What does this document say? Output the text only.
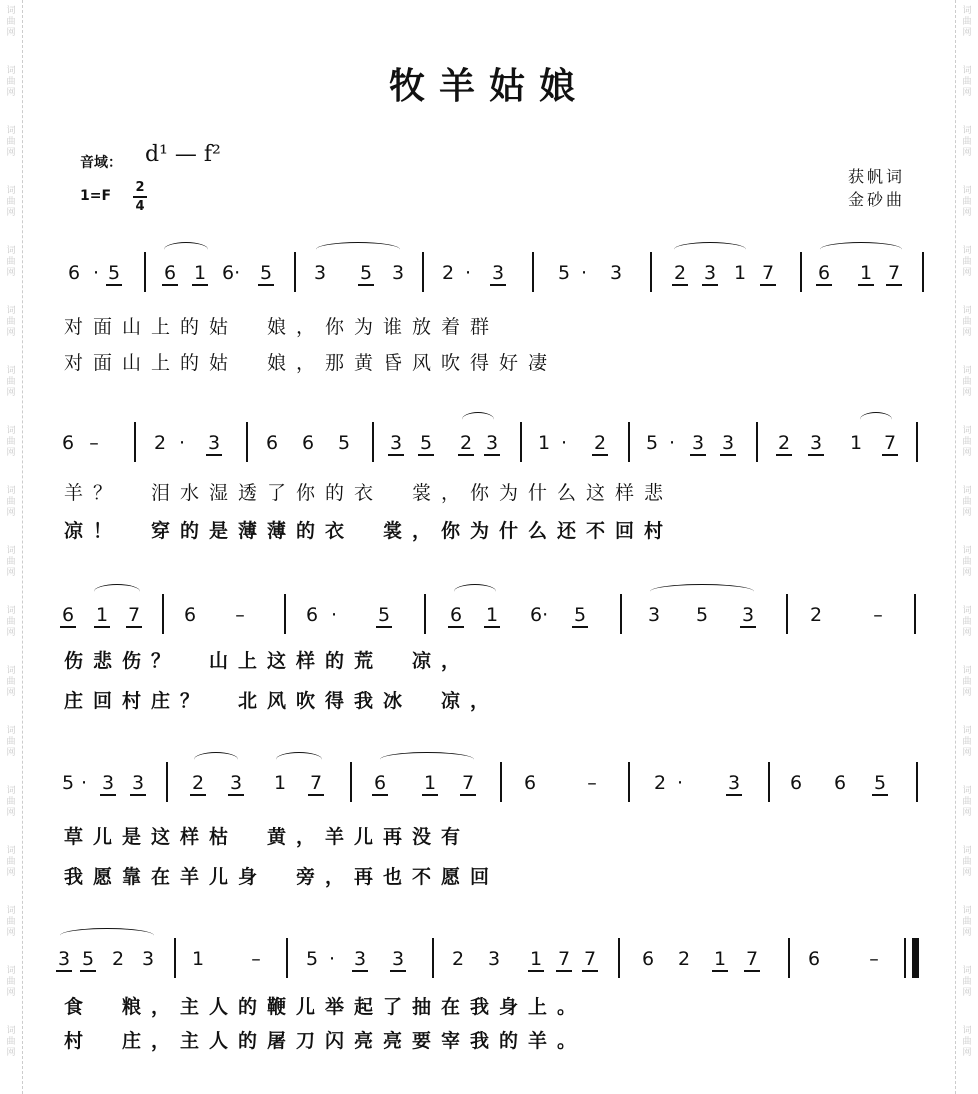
词曲网
词曲网
词曲网
词曲网
词曲网
词曲网
词曲网
词曲网
词曲网
词曲网
词曲网
词曲网
词曲网
词曲网
词曲网
词曲网
词曲网
词曲网
词曲网
词曲网
词曲网
词曲网
词曲网
词曲网
词曲网
词曲网
词曲网
词曲网
词曲网
词曲网
词曲网
词曲网
词曲网
词曲网
词曲网
词曲网
牧羊姑娘
音域： d¹ — f²
1=F
2
4
获帆词
金砂曲
6 · 5 6 1 6· 5 3 5 3 2 · 3	5 · 3	2 3 1 7 6 1 7
对面山上的姑　娘，你为谁放着群
对面山上的姑　娘，那黄昏风吹得好凄
6 –	2 · 3 6 6 5 3 5 2 3 1 · 2 5 · 3 3 2 3 1 7
羊？　泪水湿透了你的衣　裳，你为什么这样悲
凉！　穿的是薄薄的衣　裳，你为什么还不回村
6 1 7 6 –	6 · 5	6 1 6· 5	3 5 3	2	–
伤悲伤？　山上这样的荒　凉，
庄回村庄？　北风吹得我冰　凉，
5 · 3 3	2 3 1 7	6 1 7	6	–	2 · 3	6 6 5
草儿是这样枯　黄，羊儿再没有
我愿靠在羊儿身　旁，再也不愿回
3 5 2 3 1 – 5 · 3 3	2 3 1 7 7 6 2 1 7	6	–
食　粮，主人的鞭儿举起了抽在我身上。
村　庄，主人的屠刀闪亮亮要宰我的羊。
